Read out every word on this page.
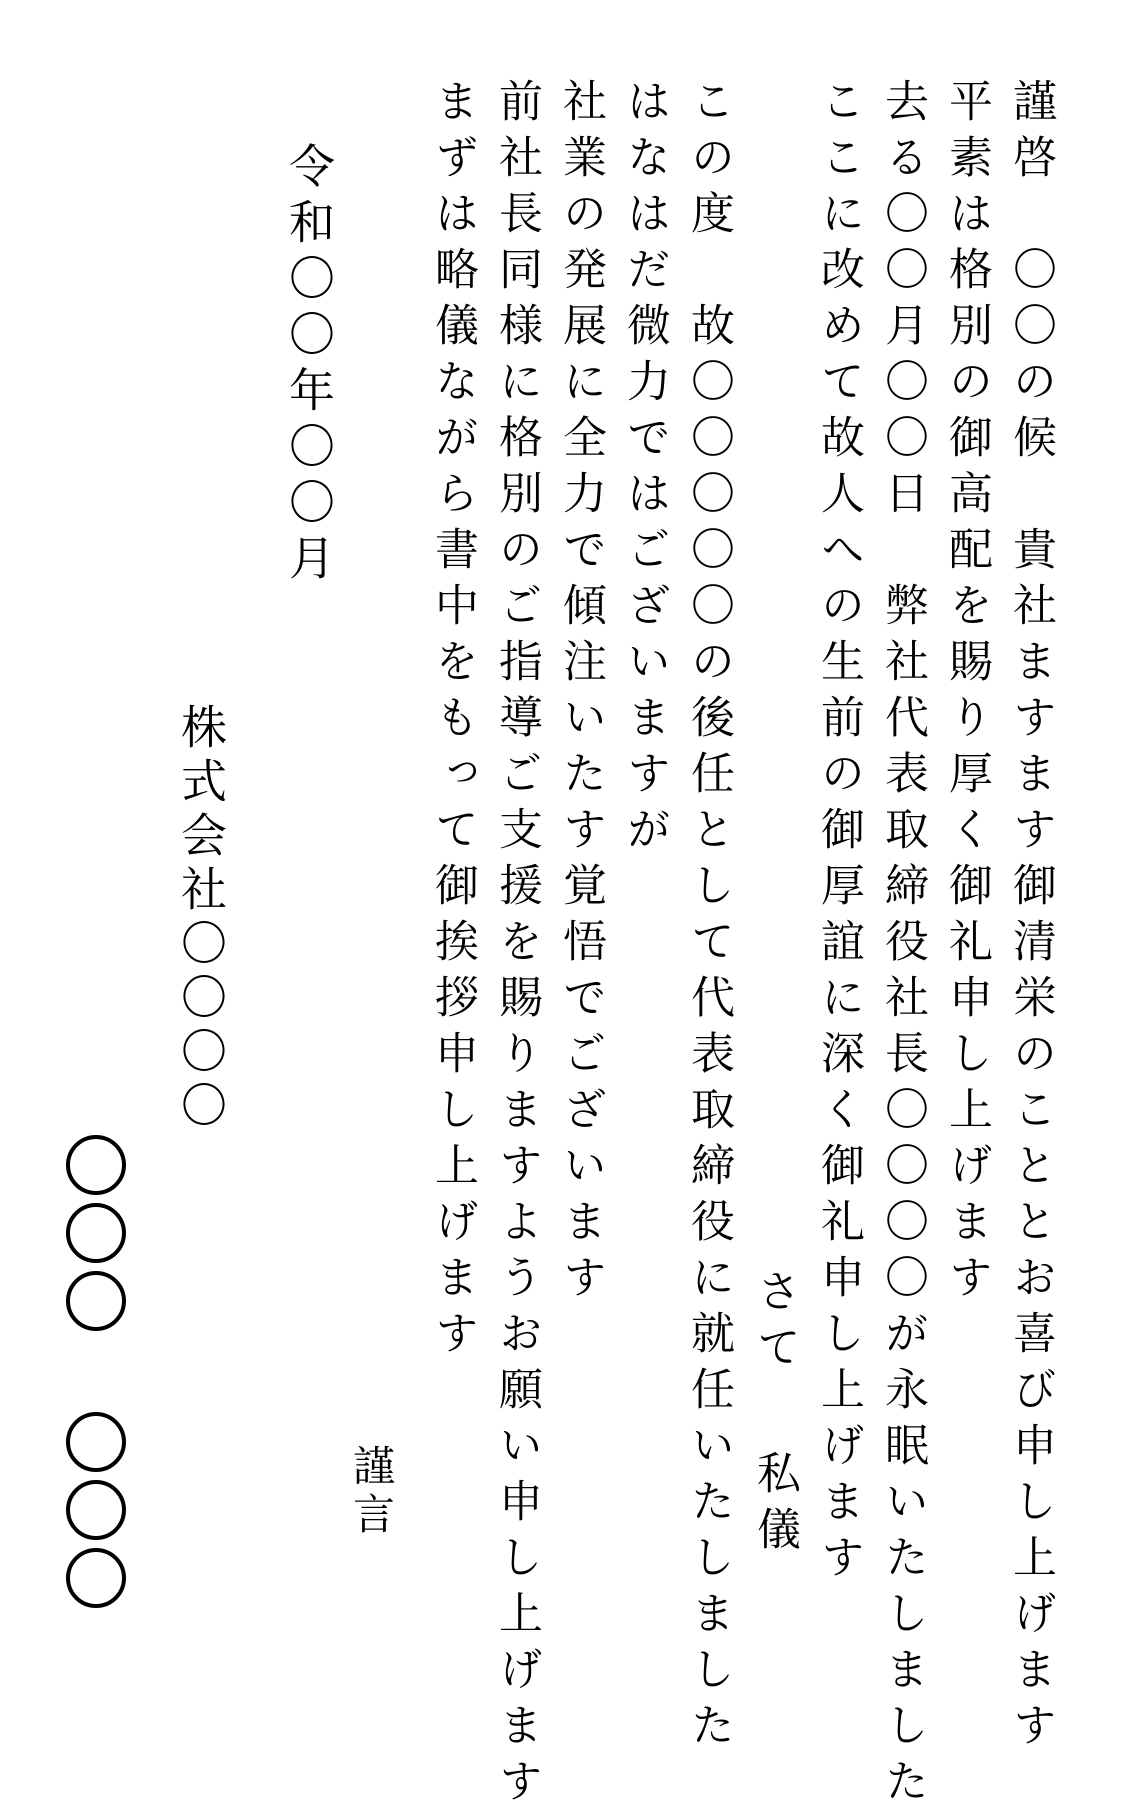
謹啓　〇〇の候　貴社ますます御清栄のこととお喜び申し上げます
平素は格別の御高配を賜り厚く御礼申し上げます
去る〇〇月〇〇日　弊社代表取締役社長〇〇〇〇が永眠いたしました
ここに改めて故人への生前の御厚誼に深く御礼申し上げます
さて
私儀
この度　故〇〇〇〇〇の後任として代表取締役に就任いたしました
はなはだ微力ではございますが
社業の発展に全力で傾注いたす覚悟でございます
前社長同様に格別のご指導ご支援を賜りますようお願い申し上げます
まずは略儀ながら書中をもって御挨拶申し上げます
謹言
令和〇〇年〇〇月
株式会社〇〇〇〇
